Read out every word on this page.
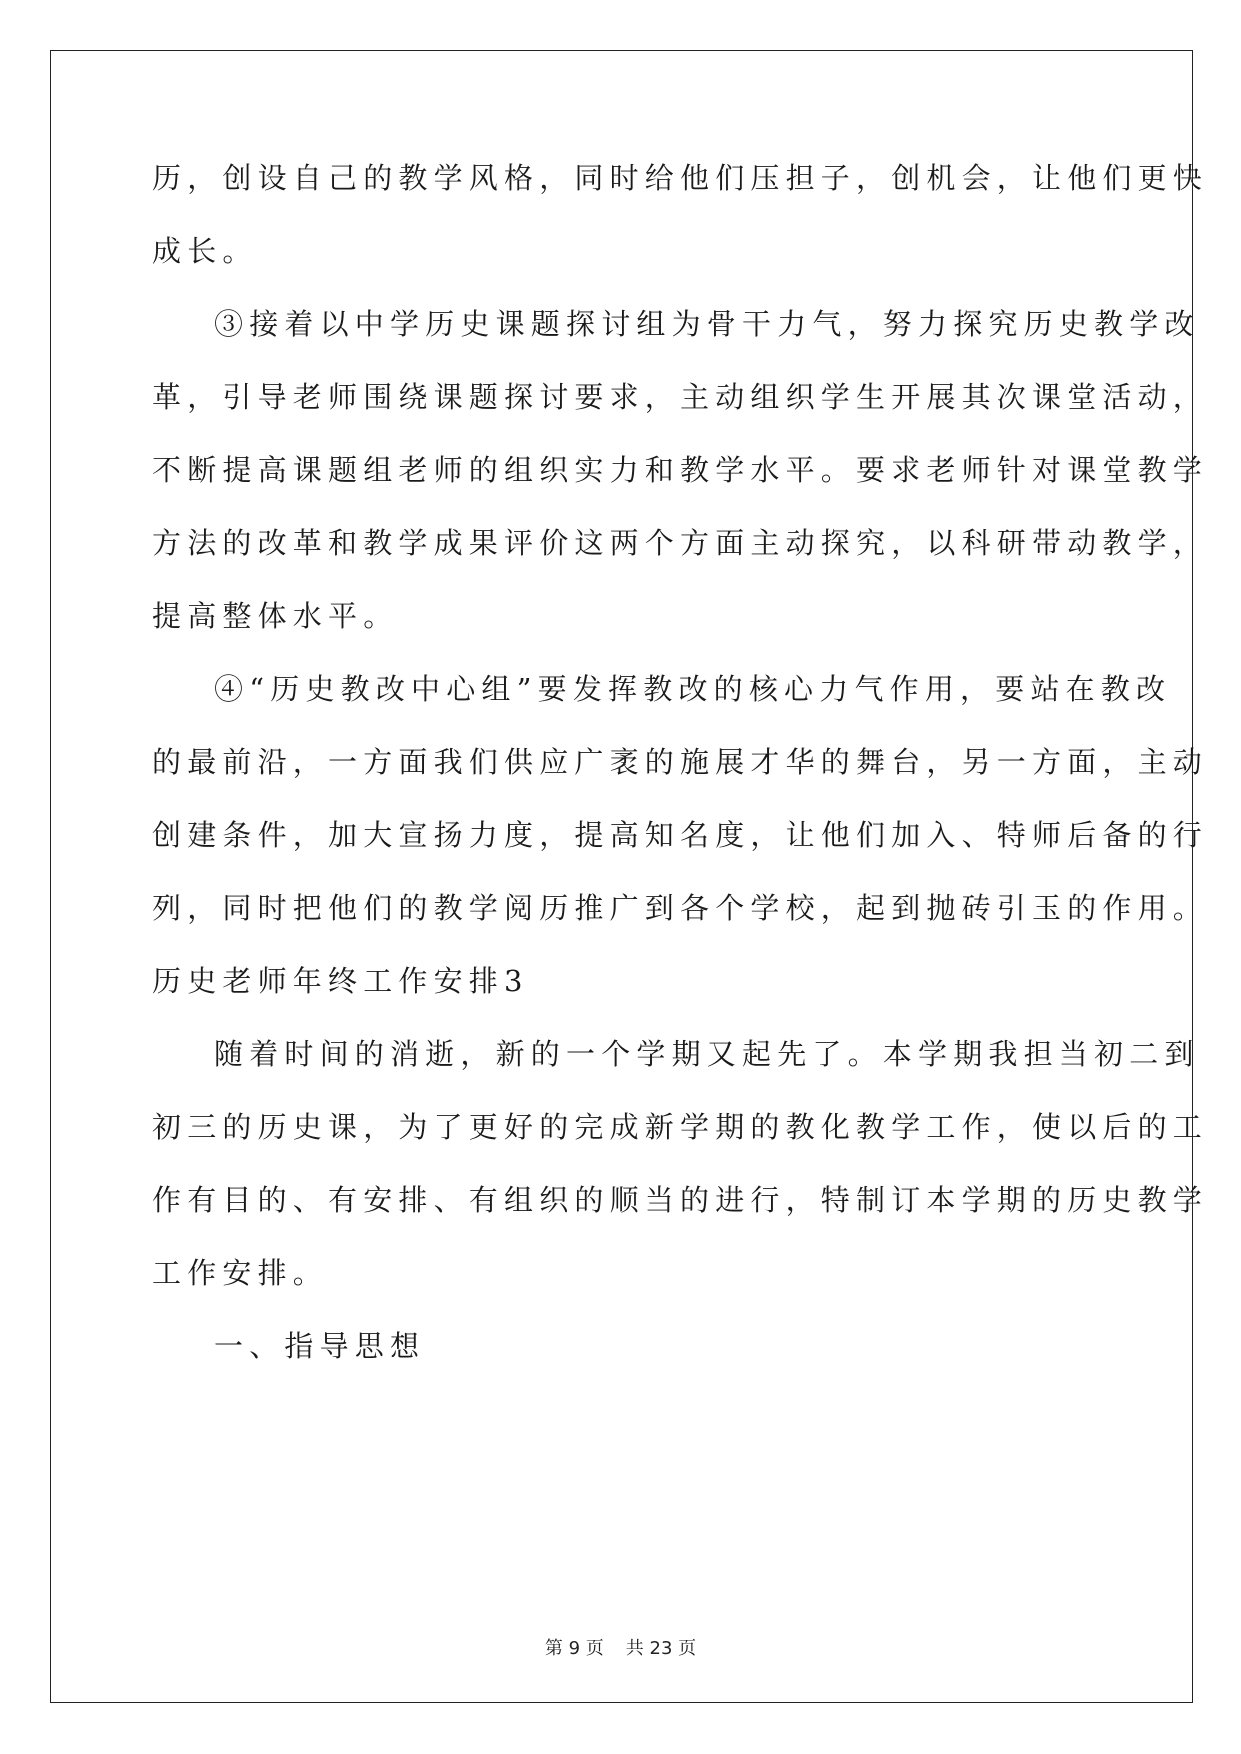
历，创设自己的教学风格，同时给他们压担子，创机会，让他们更快
成长。
③接着以中学历史课题探讨组为骨干力气，努力探究历史教学改
革，引导老师围绕课题探讨要求，主动组织学生开展其次课堂活动，
不断提高课题组老师的组织实力和教学水平。要求老师针对课堂教学
方法的改革和教学成果评价这两个方面主动探究，以科研带动教学，
提高整体水平。
④“历史教改中心组”要发挥教改的核心力气作用，要站在教改
的最前沿，一方面我们供应广袤的施展才华的舞台，另一方面，主动
创建条件，加大宣扬力度，提高知名度，让他们加入、特师后备的行
列，同时把他们的教学阅历推广到各个学校，起到抛砖引玉的作用。
历史老师年终工作安排3
随着时间的消逝，新的一个学期又起先了。本学期我担当初二到
初三的历史课，为了更好的完成新学期的教化教学工作，使以后的工
作有目的、有安排、有组织的顺当的进行，特制订本学期的历史教学
工作安排。
一、指导思想
第 9 页 共 23 页
